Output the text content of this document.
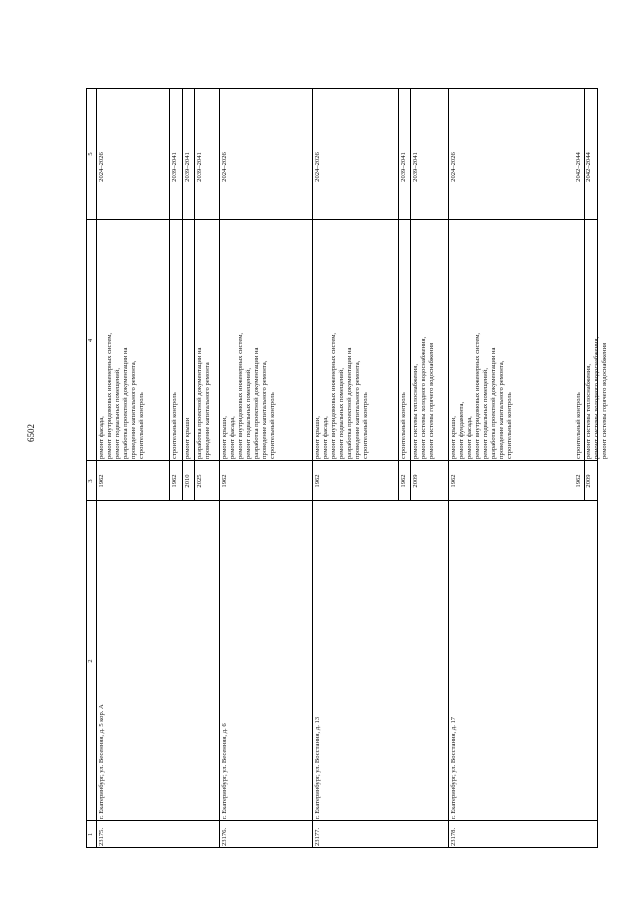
6502
1
2
3
4
5
23175.
г. Екатеринбург, ул. Весенняя, д. 5 кор. А
1962
ремонт фасада,
ремонт внутридомовых инженерных систем,
ремонт подвальных помещений,
разработка проектной документации на
проведение капитального ремонта,
строительный контроль
2024–2026
1962
строительный контроль
2039–2041
2010
ремонт крыши
2039–2041
2025
разработка проектной документации на
проведение капитального ремонта
2039–2041
23176.
г. Екатеринбург, ул. Весенняя, д. 6
1962
ремонт крыши,
ремонт фасада,
ремонт внутридомовых инженерных систем,
ремонт подвальных помещений,
разработка проектной документации на
проведение капитального ремонта,
строительный контроль
2024–2026
23177.
г. Екатеринбург, ул. Восстания, д. 13
1962
ремонт крыши,
ремонт фасада,
ремонт внутридомовых инженерных систем,
ремонт подвальных помещений,
разработка проектной документации на
проведение капитального ремонта,
строительный контроль
2024–2026
1962
строительный контроль
2039–2041
2009
ремонт системы теплоснабжения,
ремонт системы холодного водоснабжения,
ремонт системы горячего водоснабжения
2039–2041
23178.
г. Екатеринбург, ул. Восстания, д. 17
1962
ремонт крыши,
ремонт фундамента,
ремонт фасада,
ремонт внутридомовых инженерных систем,
ремонт подвальных помещений,
разработка проектной документации на
проведение капитального ремонта,
строительный контроль
2024–2026
1962
строительный контроль
2042–2044
2009
ремонт системы теплоснабжения,
ремонт системы холодного водоснабжения,
ремонт системы горячего водоснабжения
2042–2044
